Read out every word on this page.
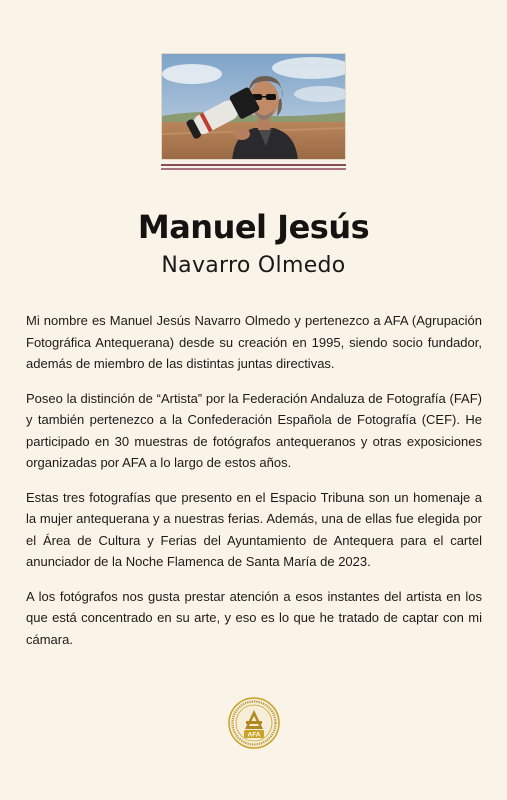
Manuel Jesús
Navarro Olmedo

Mi nombre es Manuel Jesús Navarro Olmedo y pertenezco a AFA (Agrupación Fotográfica Antequerana) desde su creación en 1995, siendo socio fundador, además de miembro de las distintas juntas directivas.

Poseo la distinción de “Artista” por la Federación Andaluza de Fotografía (FAF) y también pertenezco a la Confederación Española de Fotografía (CEF). He participado en 30 muestras de fotógrafos antequeranos y otras exposiciones organizadas por AFA a lo largo de estos años.

Estas tres fotografías que presento en el Espacio Tribuna son un homenaje a la mujer antequerana y a nuestras ferias. Además, una de ellas fue elegida por el Área de Cultura y Ferias del Ayuntamiento de Antequera para el cartel anunciador de la Noche Flamenca de Santa María de 2023.

A los fotógrafos nos gusta prestar atención a esos instantes del artista en los que está concentrado en su arte, y eso es lo que he tratado de captar con mi cámara.

AFA
